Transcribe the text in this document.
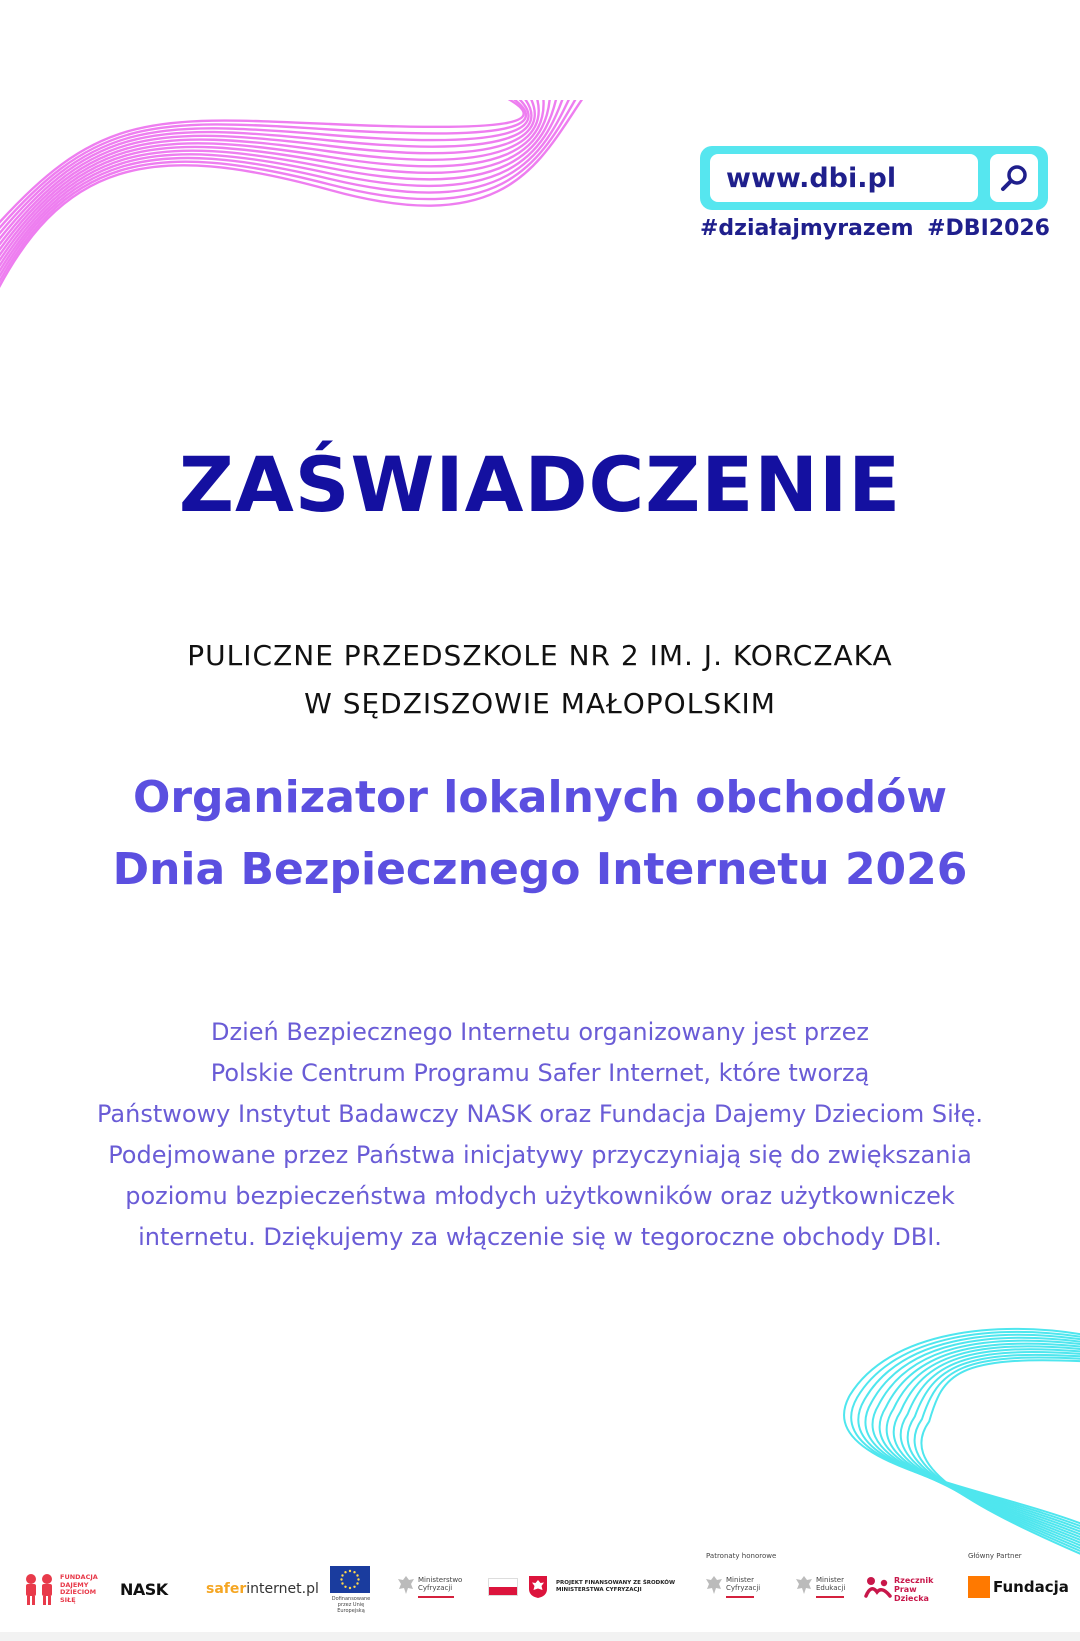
www.dbi.pl
#działajmyrazem #DBI2026
ZAŚWIADCZENIE
PULICZNE PRZEDSZKOLE NR 2 IM. J. KORCZAKA
W SĘDZISZOWIE MAŁOPOLSKIM
Organizator lokalnych obchodów
Dnia Bezpiecznego Internetu 2026
Dzień Bezpiecznego Internetu organizowany jest przez
Polskie Centrum Programu Safer Internet, które tworzą
Państwowy Instytut Badawczy NASK oraz Fundacja Dajemy Dzieciom Siłę.
Podejmowane przez Państwa inicjatywy przyczyniają się do zwiększania
poziomu bezpieczeństwa młodych użytkowników oraz użytkowniczek
internetu. Dziękujemy za włączenie się w tegoroczne obchody DBI.
FUNDACJA DAJEMY DZIECIOM SIŁĘ
NASK	saferinternet.pl
Dofinansowane przez Unię Europejską
Ministerstwo Cyfryzacji
PROJEKT FINANSOWANY ZE ŚRODKÓW MINISTERSTWA CYFRYZACJI
Patronaty honorowe
Minister Cyfryzacji
Minister Edukacji
Rzecznik Praw Dziecka
Główny Partner
Fundacja
